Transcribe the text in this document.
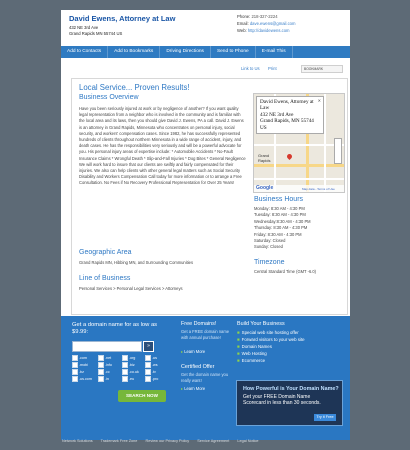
David Ewens, Attorney at Law
432 NE 3rd Ave
Grand Rapids MN 55744 US
Phone: 218-327-2224
Email: dave.ewens@gmail.com
Web: http://davidewens.com
Add to Contacts	Add to Bookmarks	Driving Directions	Send to Phone	E-mail This
Link to Us Print	BOOKMARK
Local Service... Proven Results!
Business Overview
Have you been seriously injured at work or by negligence of another? If you want quality legal representation from a neighbor who is involved in the community and is familiar with the local area and its laws, then you should give David J. Ewens, PA a call. David J. Ewens is an attorney in Grand Rapids, Minnesota who concentrates on personal injury, social security, and workers' compensation cases. Since 1982, he has successfully represented hundreds of clients throughout northern Minnesota in a wide range of accident, injury, and death cases. He has the responsibilities very seriously and will be a powerful advocate for you. His personal injury areas of expertise include: * Automobile Accidents * No-Fault Insurance Claims * Wrongful Death * Slip-and-Fall Injuries * Dog Bites * General Negligence We will work hard to insure that our clients are swiftly and fairly compensated for their injuries. We also can help clients with other general legal matters such as Social Security Disability and Workers Compensation Call today for more information or to arrange a Free Consultation. No Fees if No Recovery Professional Representation for Over 25 Years!
Geographic Area
Grand Rapids MN, Hibbing MN, and Surrounding Communities
Line of Business
Personal Services > Personal Legal Services > Attorneys
Grand
Rapids
✕
David Ewens, Attorney at Law
432 NE 3rd Ave
Grand Rapids, MN 55744
US
Google	Map data - Terms of Use
Business Hours
Monday: 8:30 AM - 4:30 PM
Tuesday: 8:30 AM - 4:30 PM
Wednesday:8:30 AM - 4:30 PM
Thursday: 8:30 AM - 4:30 PM
Friday: 8:30 AM - 4:30 PM
Saturday: Closed
Sunday: Closed
Timezone
Central Standard Time (GMT -6.0)
Get a domain name for as low as
$9.99:
»
.com	.net	.org	.us
.mobi	.info	.biz	.ws
.bz	.cc	.co.uk	.tv
.us.com	.in	.eu	.pro
SEARCH NOW
Free Domains!
Get a FREE domain name with annual purchase!
▸ Learn More
Certified Offer
Get the domain name you really want!
▸ Learn More
Build Your Business
■ Special web site hosting offer
■ Forward visitors to your web site
■ Domain Names
■ Web Hosting
■ Ecommerce
How Powerful is Your Domain Name?
Get your FREE Domain Name Scorecard in less than 30 seconds.
Try it Free
Network Solutions Trademark Free Zone Review our Privacy Policy Service Agreement Legal Notice
